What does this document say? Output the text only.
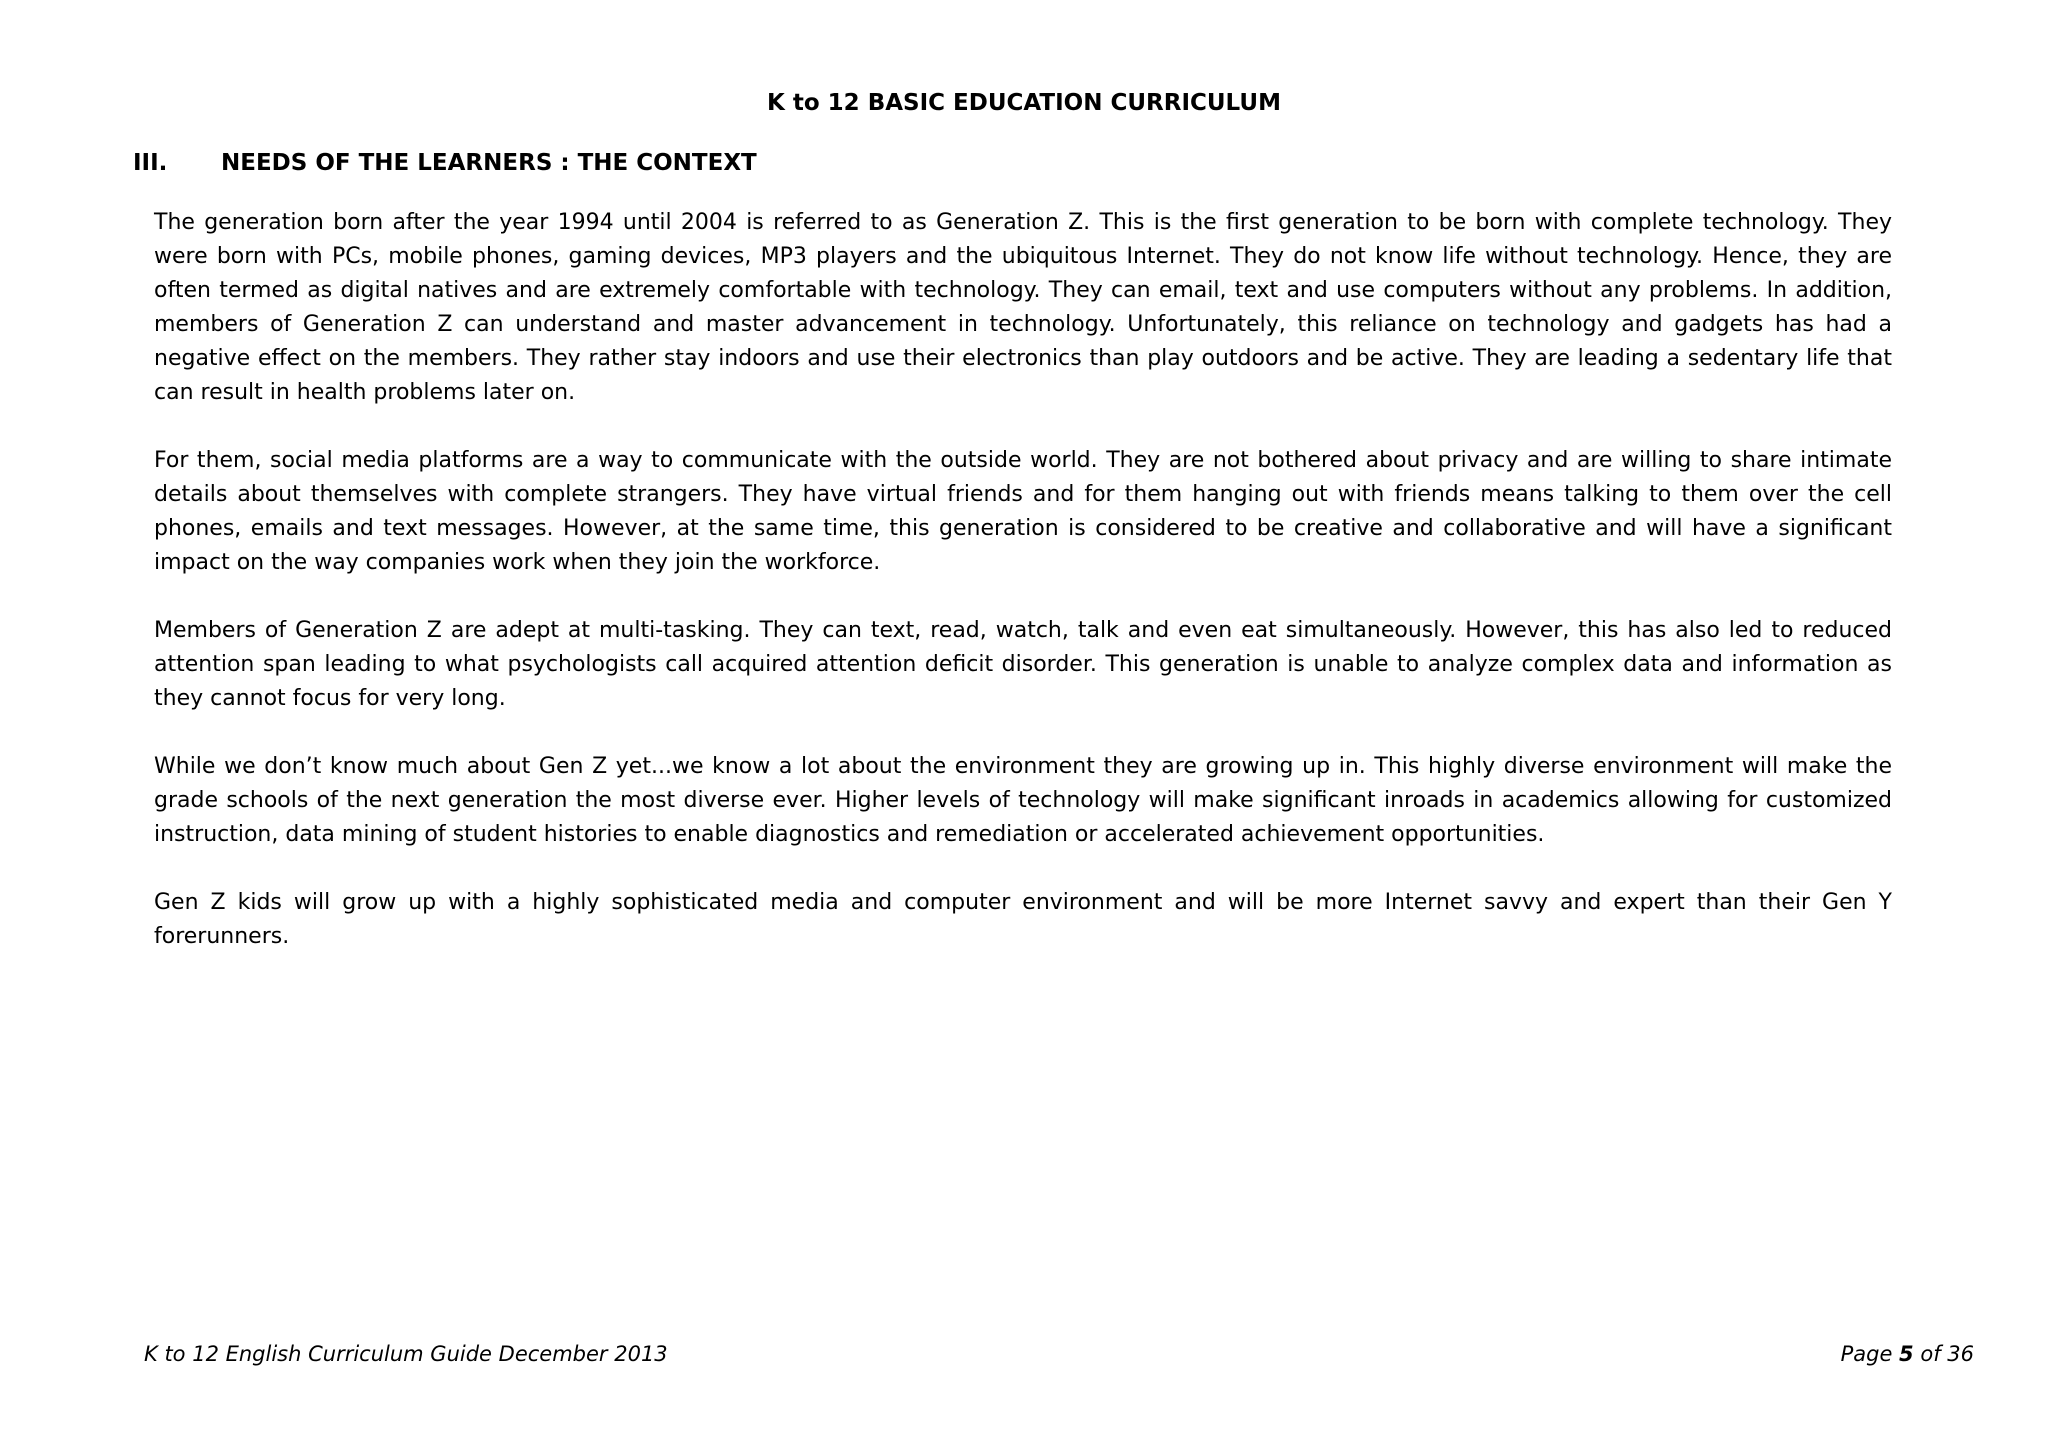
K to 12 BASIC EDUCATION CURRICULUM
III.	NEEDS OF THE LEARNERS : THE CONTEXT

The generation born after the year 1994 until 2004 is referred to as Generation Z. This is the first generation to be born with complete technology. They were born with PCs, mobile phones, gaming devices, MP3 players and the ubiquitous Internet. They do not know life without technology. Hence, they are often termed as digital natives and are extremely comfortable with technology. They can email, text and use computers without any problems. In addition, members of Generation Z can understand and master advancement in technology. Unfortunately, this reliance on technology and gadgets has had a negative effect on the members. They rather stay indoors and use their electronics than play outdoors and be active. They are leading a sedentary life that can result in health problems later on.

For them, social media platforms are a way to communicate with the outside world. They are not bothered about privacy and are willing to share intimate details about themselves with complete strangers. They have virtual friends and for them hanging out with friends means talking to them over the cell phones, emails and text messages. However, at the same time, this generation is considered to be creative and collaborative and will have a significant impact on the way companies work when they join the workforce.

Members of Generation Z are adept at multi-tasking. They can text, read, watch, talk and even eat simultaneously. However, this has also led to reduced attention span leading to what psychologists call acquired attention deficit disorder. This generation is unable to analyze complex data and information as they cannot focus for very long.

While we don’t know much about Gen Z yet...we know a lot about the environment they are growing up in. This highly diverse environment will make the grade schools of the next generation the most diverse ever. Higher levels of technology will make significant inroads in academics allowing for customized instruction, data mining of student histories to enable diagnostics and remediation or accelerated achievement opportunities.

Gen Z kids will grow up with a highly sophisticated media and computer environment and will be more Internet savvy and expert than their Gen Y forerunners.

K to 12 English Curriculum Guide December 2013	Page 5 of 36
